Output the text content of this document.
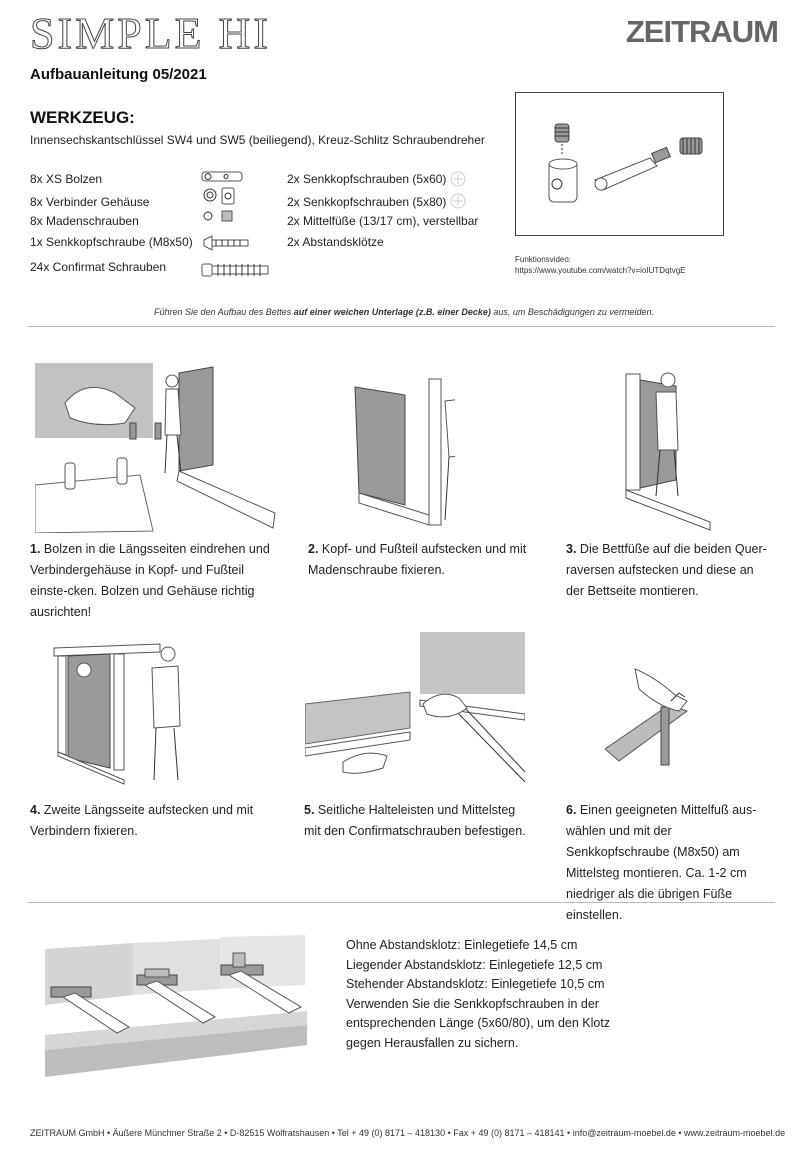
SIMPLE HI	ZEITRAUM
Aufbauanleitung 05/2021
WERKZEUG:
Innensechskantschlüssel SW4 und SW5 (beiliegend), Kreuz-Schlitz Schraubendreher
8x XS Bolzen
8x Verbinder Gehäuse
8x Madenschrauben
1x Senkkopfschraube (M8x50)
24x Confirmat Schrauben
2x Senkkopfschrauben (5x60)
2x Senkkopfschrauben (5x80)
2x Mittelfüße (13/17 cm), verstellbar
2x Abstandsklötze
Funktionsvideo:
https://www.youtube.com/watch?v=ioIUTDqtvgE
Führen Sie den Aufbau des Bettes auf einer weichen Unterlage (z.B. einer Decke) aus, um Beschädigungen zu vermeiden.
1. Bolzen in die Längsseiten eindrehen und Verbindergehäuse in Kopf- und Fußteil einste-cken. Bolzen und Gehäuse richtig ausrichten!
2. Kopf- und Fußteil aufstecken und mit Madenschraube fixieren.
3. Die Bettfüße auf die beiden Quer-raversen aufstecken und diese an der Bettseite montieren.
4. Zweite Längsseite aufstecken und mit Verbindern fixieren.
5. Seitliche Halteleisten und Mittelsteg mit den Confirmatschrauben befestigen.
6. Einen geeigneten Mittelfuß aus-wählen und mit der Senkkopfschraube (M8x50) am Mittelsteg montieren. Ca. 1-2 cm niedriger als die übrigen Füße einstellen.
Ohne Abstandsklotz: Einlegetiefe 14,5 cm
Liegender Abstandsklotz: Einlegetiefe 12,5 cm
Stehender Abstandsklotz: Einlegetiefe 10,5 cm
Verwenden Sie die Senkkopfschrauben in der
entsprechenden Länge (5x60/80), um den Klotz
gegen Herausfallen zu sichern.
ZEITRAUM GmbH • Äußere Münchner Straße 2 • D-82515 Wolfratshausen • Tel + 49 (0) 8171 – 418130 • Fax + 49 (0) 8171 – 418141 • info@zeitraum-moebel.de • www.zeitraum-moebel.de
